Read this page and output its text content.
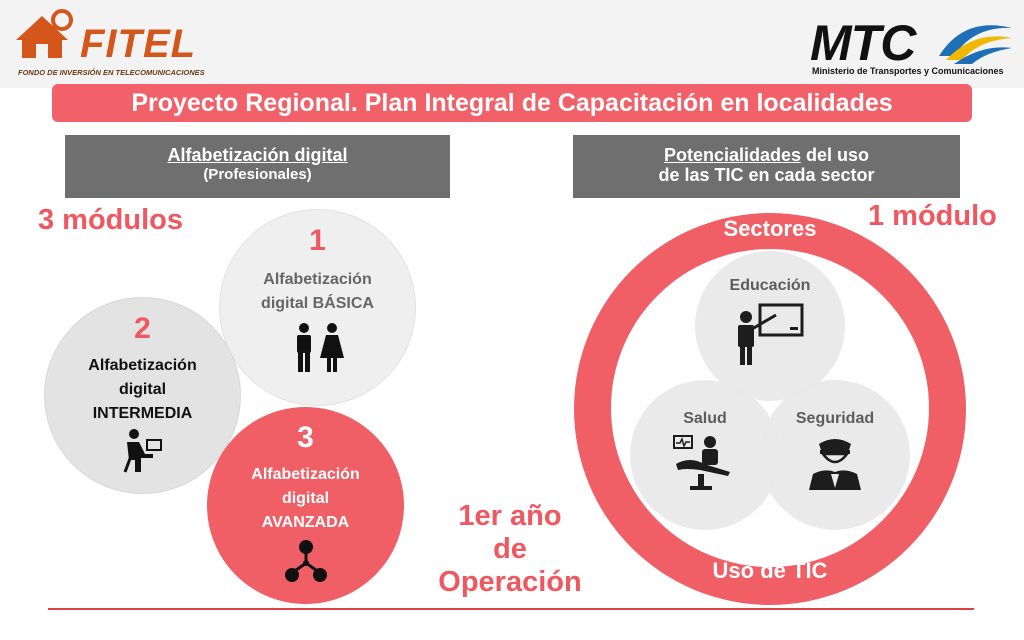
FITEL
FONDO DE INVERSIÓN EN TELECOMUNICACIONES
MTC
Ministerio de Transportes y Comunicaciones
Proyecto Regional. Plan Integral de Capacitación en localidades
Alfabetización digital
(Profesionales)
Potencialidades del uso
de las TIC en cada sector
3 módulos	1 módulo
1
Alfabetización
digital BÁSICA
2
Alfabetización
digital
INTERMEDIA
3
Alfabetización
digital
AVANZADA	1er año
de
Operación
Sectores
Uso de TIC
Educación
Salud	Seguridad
